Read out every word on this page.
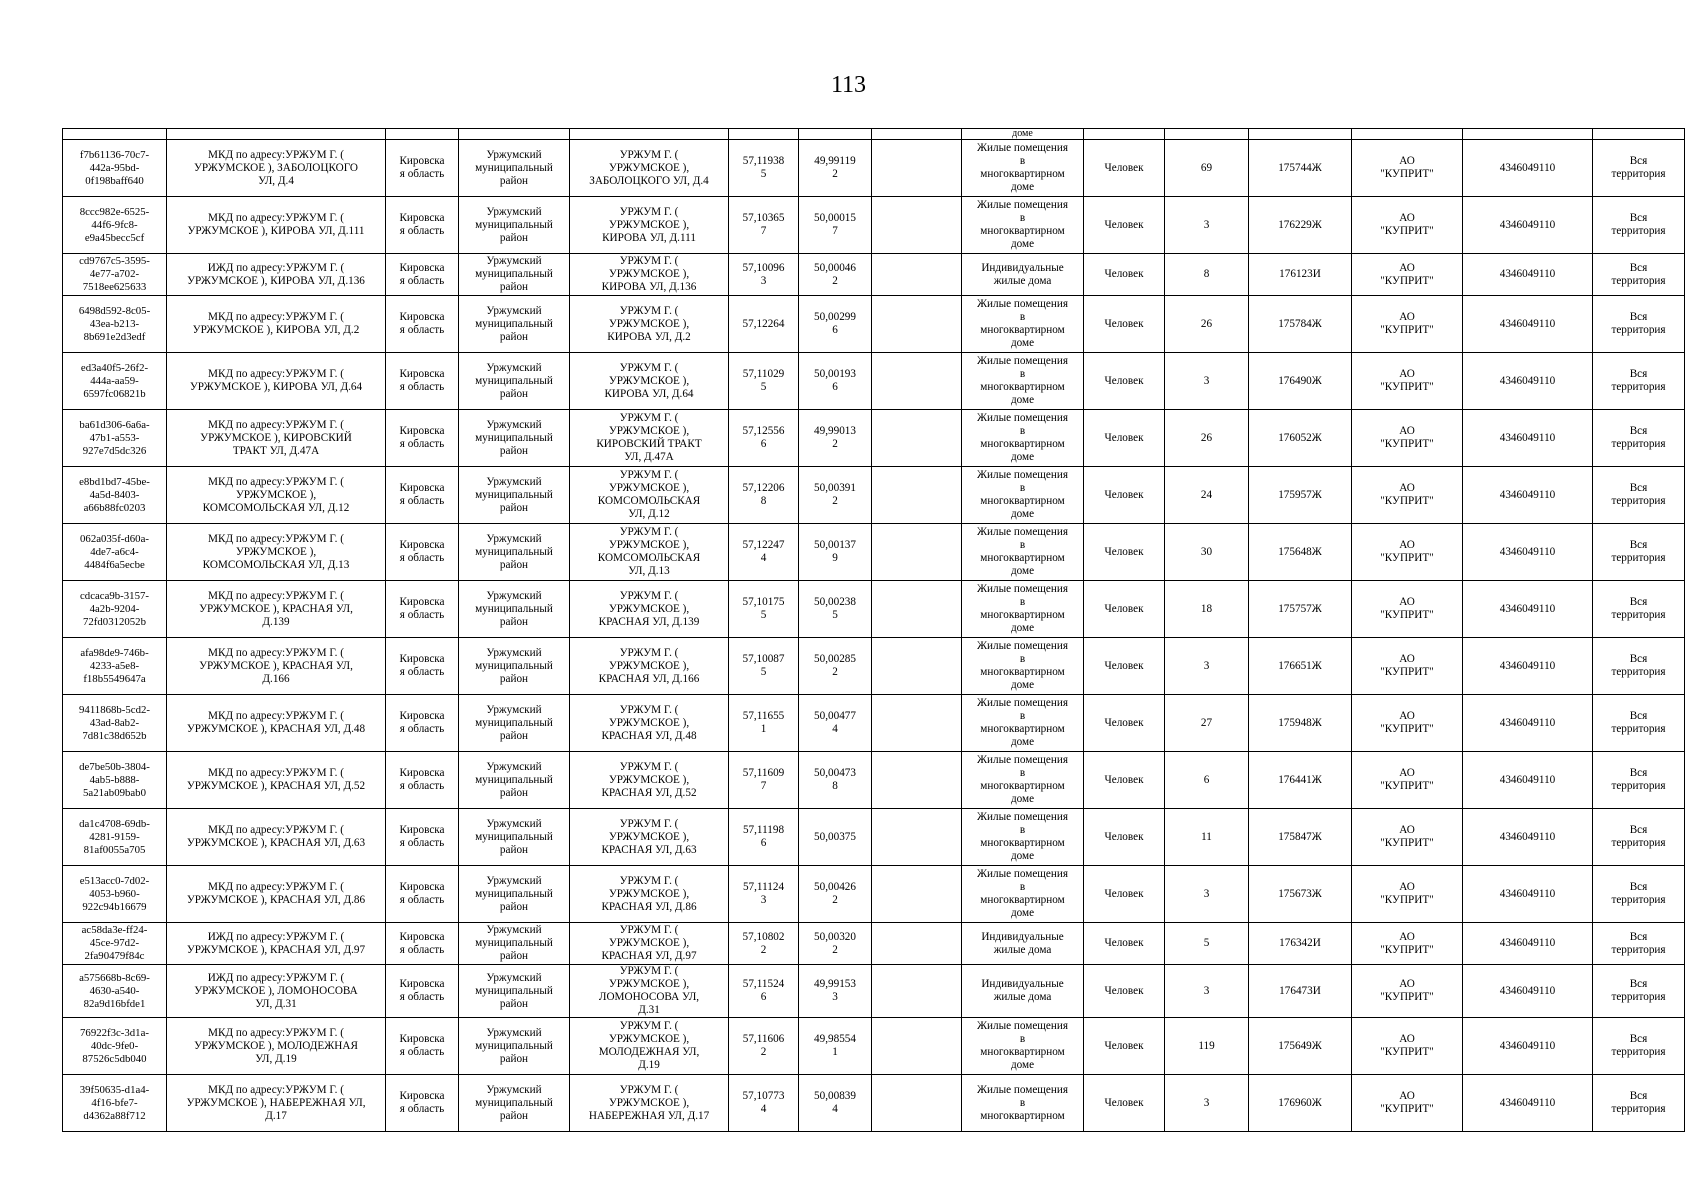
113
								доме						
f7b61136-70c7-
442a-95bd-
0f198baff640	МКД по адресу:УРЖУМ Г. (
УРЖУМСКОЕ ), ЗАБОЛОЦКОГО
УЛ, Д.4	Кировска
я область	Уржумский
муниципальный
район	УРЖУМ Г. (
УРЖУМСКОЕ ),
ЗАБОЛОЦКОГО УЛ, Д.4	57,11938
5	49,99119
2		Жилые помещения
в
многоквартирном
доме	Человек	69	175744Ж	АО
"КУПРИТ"	4346049110	Вся
территория
8ccc982e-6525-
44f6-9fc8-
e9a45becc5cf	МКД по адресу:УРЖУМ Г. (
УРЖУМСКОЕ ), КИРОВА УЛ, Д.111	Кировска
я область	Уржумский
муниципальный
район	УРЖУМ Г. (
УРЖУМСКОЕ ),
КИРОВА УЛ, Д.111	57,10365
7	50,00015
7		Жилые помещения
в
многоквартирном
доме	Человек	3	176229Ж	АО
"КУПРИТ"	4346049110	Вся
территория
cd9767c5-3595-
4e77-a702-
7518ee625633	ИЖД по адресу:УРЖУМ Г. (
УРЖУМСКОЕ ), КИРОВА УЛ, Д.136	Кировска
я область	Уржумский
муниципальный
район	УРЖУМ Г. (
УРЖУМСКОЕ ),
КИРОВА УЛ, Д.136	57,10096
3	50,00046
2		Индивидуальные
жилые дома	Человек	8	176123И	АО
"КУПРИТ"	4346049110	Вся
территория
6498d592-8c05-
43ea-b213-
8b691e2d3edf	МКД по адресу:УРЖУМ Г. (
УРЖУМСКОЕ ), КИРОВА УЛ, Д.2	Кировска
я область	Уржумский
муниципальный
район	УРЖУМ Г. (
УРЖУМСКОЕ ),
КИРОВА УЛ, Д.2	57,12264	50,00299
6		Жилые помещения
в
многоквартирном
доме	Человек	26	175784Ж	АО
"КУПРИТ"	4346049110	Вся
территория
ed3a40f5-26f2-
444a-aa59-
6597fc06821b	МКД по адресу:УРЖУМ Г. (
УРЖУМСКОЕ ), КИРОВА УЛ, Д.64	Кировска
я область	Уржумский
муниципальный
район	УРЖУМ Г. (
УРЖУМСКОЕ ),
КИРОВА УЛ, Д.64	57,11029
5	50,00193
6		Жилые помещения
в
многоквартирном
доме	Человек	3	176490Ж	АО
"КУПРИТ"	4346049110	Вся
территория
ba61d306-6a6a-
47b1-a553-
927e7d5dc326	МКД по адресу:УРЖУМ Г. (
УРЖУМСКОЕ ), КИРОВСКИЙ
ТРАКТ УЛ, Д.47А	Кировска
я область	Уржумский
муниципальный
район	УРЖУМ Г. (
УРЖУМСКОЕ ),
КИРОВСКИЙ ТРАКТ
УЛ, Д.47А	57,12556
6	49,99013
2		Жилые помещения
в
многоквартирном
доме	Человек	26	176052Ж	АО
"КУПРИТ"	4346049110	Вся
территория
e8bd1bd7-45be-
4a5d-8403-
a66b88fc0203	МКД по адресу:УРЖУМ Г. (
УРЖУМСКОЕ ),
КОМСОМОЛЬСКАЯ УЛ, Д.12	Кировска
я область	Уржумский
муниципальный
район	УРЖУМ Г. (
УРЖУМСКОЕ ),
КОМСОМОЛЬСКАЯ
УЛ, Д.12	57,12206
8	50,00391
2		Жилые помещения
в
многоквартирном
доме	Человек	24	175957Ж	АО
"КУПРИТ"	4346049110	Вся
территория
062a035f-d60a-
4de7-a6c4-
4484f6a5ecbe	МКД по адресу:УРЖУМ Г. (
УРЖУМСКОЕ ),
КОМСОМОЛЬСКАЯ УЛ, Д.13	Кировска
я область	Уржумский
муниципальный
район	УРЖУМ Г. (
УРЖУМСКОЕ ),
КОМСОМОЛЬСКАЯ
УЛ, Д.13	57,12247
4	50,00137
9		Жилые помещения
в
многоквартирном
доме	Человек	30	175648Ж	АО
"КУПРИТ"	4346049110	Вся
территория
cdcaca9b-3157-
4a2b-9204-
72fd0312052b	МКД по адресу:УРЖУМ Г. (
УРЖУМСКОЕ ), КРАСНАЯ УЛ,
Д.139	Кировска
я область	Уржумский
муниципальный
район	УРЖУМ Г. (
УРЖУМСКОЕ ),
КРАСНАЯ УЛ, Д.139	57,10175
5	50,00238
5		Жилые помещения
в
многоквартирном
доме	Человек	18	175757Ж	АО
"КУПРИТ"	4346049110	Вся
территория
afa98de9-746b-
4233-a5e8-
f18b5549647a	МКД по адресу:УРЖУМ Г. (
УРЖУМСКОЕ ), КРАСНАЯ УЛ,
Д.166	Кировска
я область	Уржумский
муниципальный
район	УРЖУМ Г. (
УРЖУМСКОЕ ),
КРАСНАЯ УЛ, Д.166	57,10087
5	50,00285
2		Жилые помещения
в
многоквартирном
доме	Человек	3	176651Ж	АО
"КУПРИТ"	4346049110	Вся
территория
9411868b-5cd2-
43ad-8ab2-
7d81c38d652b	МКД по адресу:УРЖУМ Г. (
УРЖУМСКОЕ ), КРАСНАЯ УЛ, Д.48	Кировска
я область	Уржумский
муниципальный
район	УРЖУМ Г. (
УРЖУМСКОЕ ),
КРАСНАЯ УЛ, Д.48	57,11655
1	50,00477
4		Жилые помещения
в
многоквартирном
доме	Человек	27	175948Ж	АО
"КУПРИТ"	4346049110	Вся
территория
de7be50b-3804-
4ab5-b888-
5a21ab09bab0	МКД по адресу:УРЖУМ Г. (
УРЖУМСКОЕ ), КРАСНАЯ УЛ, Д.52	Кировска
я область	Уржумский
муниципальный
район	УРЖУМ Г. (
УРЖУМСКОЕ ),
КРАСНАЯ УЛ, Д.52	57,11609
7	50,00473
8		Жилые помещения
в
многоквартирном
доме	Человек	6	176441Ж	АО
"КУПРИТ"	4346049110	Вся
территория
da1c4708-69db-
4281-9159-
81af0055a705	МКД по адресу:УРЖУМ Г. (
УРЖУМСКОЕ ), КРАСНАЯ УЛ, Д.63	Кировска
я область	Уржумский
муниципальный
район	УРЖУМ Г. (
УРЖУМСКОЕ ),
КРАСНАЯ УЛ, Д.63	57,11198
6	50,00375		Жилые помещения
в
многоквартирном
доме	Человек	11	175847Ж	АО
"КУПРИТ"	4346049110	Вся
территория
e513acc0-7d02-
4053-b960-
922c94b16679	МКД по адресу:УРЖУМ Г. (
УРЖУМСКОЕ ), КРАСНАЯ УЛ, Д.86	Кировска
я область	Уржумский
муниципальный
район	УРЖУМ Г. (
УРЖУМСКОЕ ),
КРАСНАЯ УЛ, Д.86	57,11124
3	50,00426
2		Жилые помещения
в
многоквартирном
доме	Человек	3	175673Ж	АО
"КУПРИТ"	4346049110	Вся
территория
ac58da3e-ff24-
45ce-97d2-
2fa90479f84c	ИЖД по адресу:УРЖУМ Г. (
УРЖУМСКОЕ ), КРАСНАЯ УЛ, Д.97	Кировска
я область	Уржумский
муниципальный
район	УРЖУМ Г. (
УРЖУМСКОЕ ),
КРАСНАЯ УЛ, Д.97	57,10802
2	50,00320
2		Индивидуальные
жилые дома	Человек	5	176342И	АО
"КУПРИТ"	4346049110	Вся
территория
a575668b-8c69-
4630-a540-
82a9d16bfde1	ИЖД по адресу:УРЖУМ Г. (
УРЖУМСКОЕ ), ЛОМОНОСОВА
УЛ, Д.31	Кировска
я область	Уржумский
муниципальный
район	УРЖУМ Г. (
УРЖУМСКОЕ ),
ЛОМОНОСОВА УЛ,
Д.31	57,11524
6	49,99153
3		Индивидуальные
жилые дома	Человек	3	176473И	АО
"КУПРИТ"	4346049110	Вся
территория
76922f3c-3d1a-
40dc-9fe0-
87526c5db040	МКД по адресу:УРЖУМ Г. (
УРЖУМСКОЕ ), МОЛОДЕЖНАЯ
УЛ, Д.19	Кировска
я область	Уржумский
муниципальный
район	УРЖУМ Г. (
УРЖУМСКОЕ ),
МОЛОДЕЖНАЯ УЛ,
Д.19	57,11606
2	49,98554
1		Жилые помещения
в
многоквартирном
доме	Человек	119	175649Ж	АО
"КУПРИТ"	4346049110	Вся
территория
39f50635-d1a4-
4f16-bfe7-
d4362a88f712	МКД по адресу:УРЖУМ Г. (
УРЖУМСКОЕ ), НАБЕРЕЖНАЯ УЛ,
Д.17	Кировска
я область	Уржумский
муниципальный
район	УРЖУМ Г. (
УРЖУМСКОЕ ),
НАБЕРЕЖНАЯ УЛ, Д.17	57,10773
4	50,00839
4		Жилые помещения
в
многоквартирном	Человек	3	176960Ж	АО
"КУПРИТ"	4346049110	Вся
территория
